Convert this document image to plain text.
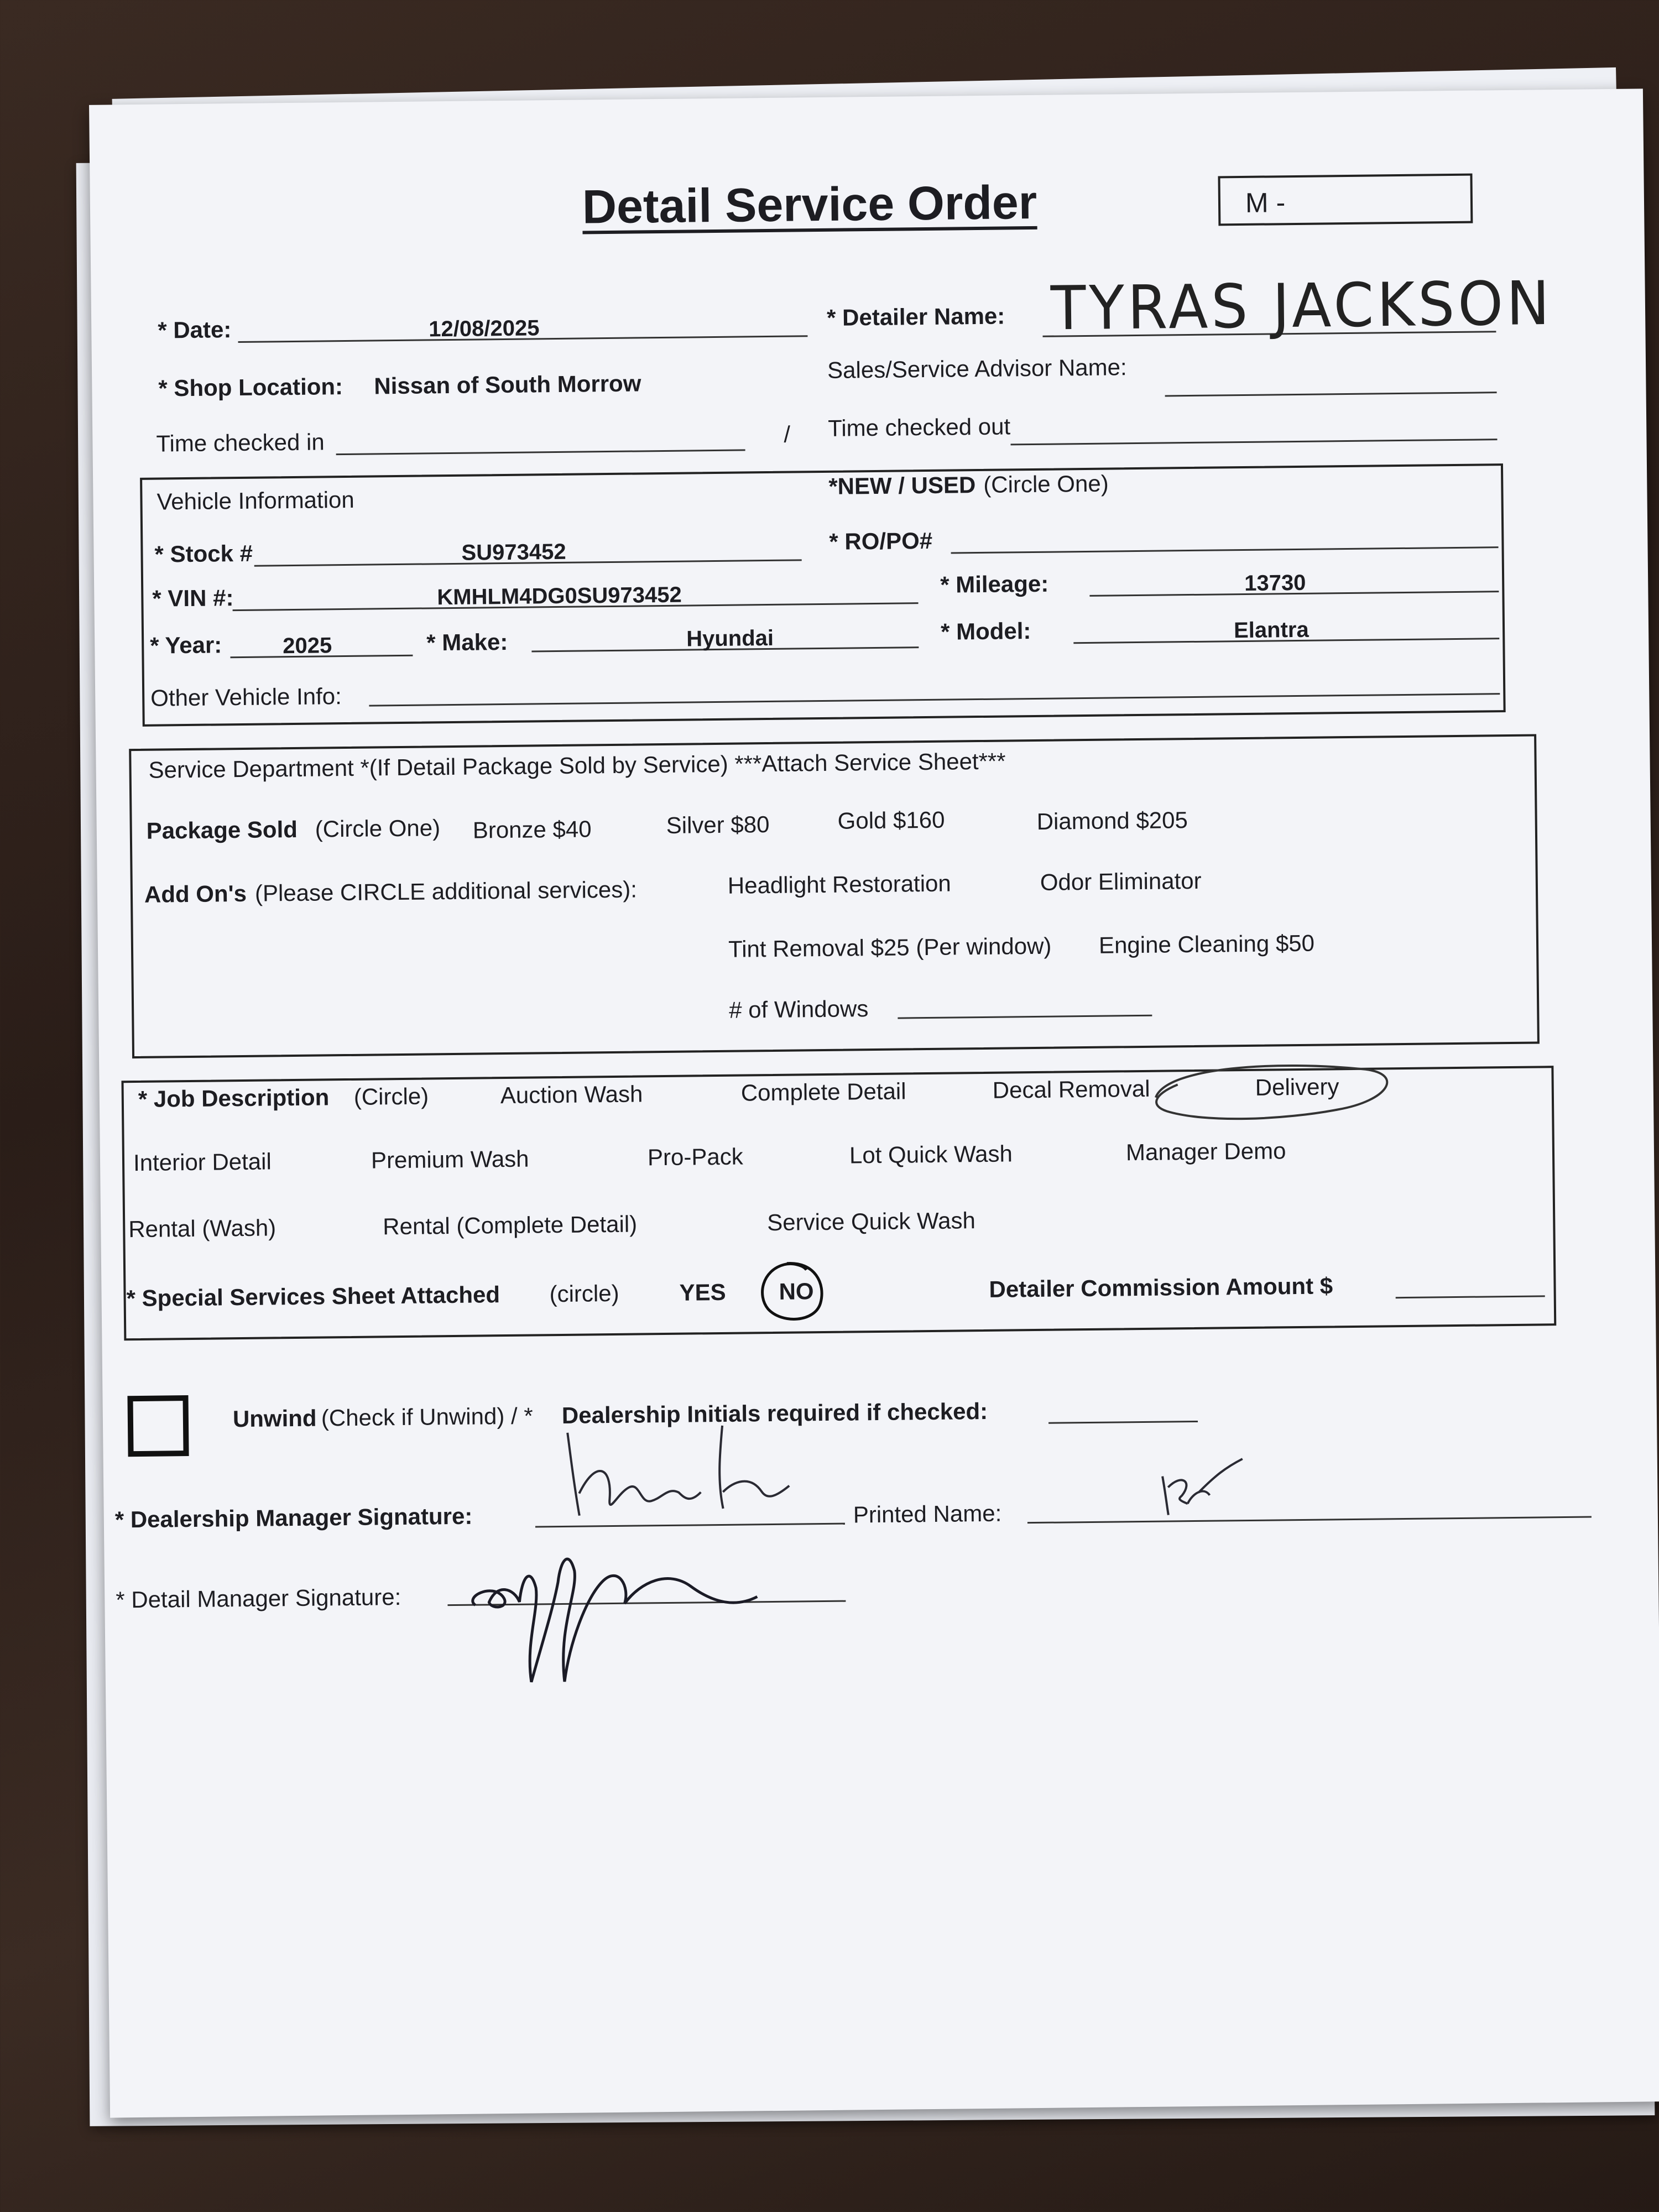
Detail Service Order	M -
* Date:	12/08/2025	* Detailer Name: TYRAS JACKSON
* Shop Location: Nissan of South Morrow
Sales/Service Advisor Name:
Time checked in	/ Time checked out
Vehicle Information
*NEW / USED (Circle One)
* Stock #	SU973452	* RO/PO#
* VIN #:	KMHLM4DG0SU973452	* Mileage:	13730
* Year:	2025	* Make:	Hyundai	* Model:	Elantra
Other Vehicle Info:
Service Department *(If Detail Package Sold by Service) ***Attach Service Sheet***
Package Sold (Circle One) Bronze $40	Silver $80	Gold $160	Diamond $205
Add On's (Please CIRCLE additional services):	Headlight Restoration	Odor Eliminator
Tint Removal $25 (Per window) Engine Cleaning $50
# of Windows
* Job Description (Circle)	Auction Wash	Complete Detail	Decal Removal	Delivery
Interior Detail	Premium Wash	Pro-Pack	Lot Quick Wash	Manager Demo
Rental (Wash)	Rental (Complete Detail)	Service Quick Wash
* Special Services Sheet Attached (circle)	YES NO	Detailer Commission Amount $
Unwind (Check if Unwind) / * Dealership Initials required if checked:
* Dealership Manager Signature:	Printed Name:
* Detail Manager Signature:
